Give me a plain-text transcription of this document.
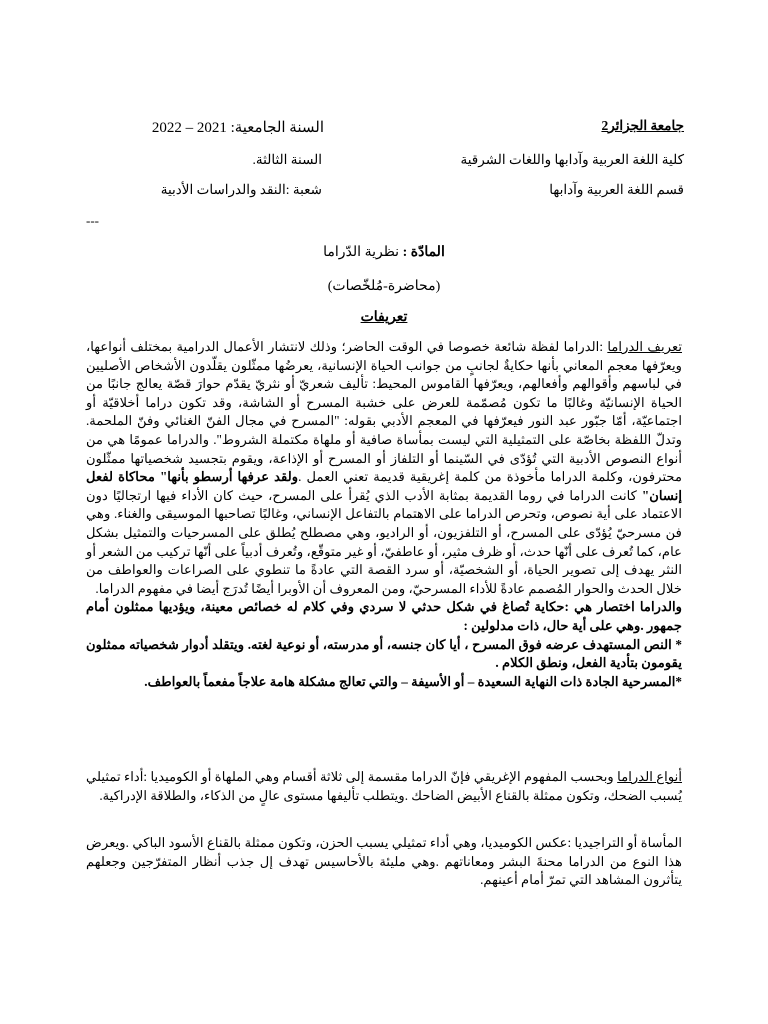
جامعة الجزائر2
السنة الجامعية: 2021 – 2022
كلية اللغة العربية وآدابها واللغات الشرقية
السنة الثالثة.
قسم اللغة العربية وآدابها
شعبة :النقد والدراسات الأدبية
---
المادّة : نظرية الدّراما
(محاضرة-مُلخّصات)
تعريفات
تعريف الدراما :الدراما لفظة شائعة خصوصا في الوقت الحاضر؛ وذلك لانتشار الأعمال الدرامية بمختلف أنواعها، ويعرّفها معجم المعاني بأنها حكايةٌ لجانبٍ من جوانب الحياة الإنسانية، يعرضُها ممثّلون يقلّدون الأشخاص الأصليين في لباسهم وأقوالهم وأفعالهم، ويعرّفها القاموس المحيط: تأليف شعريّ أو نثريّ يقدّم حوارَ قصّة يعالج جانبًا من الحياة الإنسانيّة وغالبًا ما تكون مُصمّمة للعرض على خشبة المسرح أو الشاشة، وقد تكون دراما أخلاقيّة أو اجتماعيّة، أمّا جبّور عبد النور فيعرّفها في المعجم الأدبي بقوله: "المسرح في مجال الفنّ الغنائي وفنّ الملحمة. وتدلّ اللفظة بخاصّة على التمثيلية التي ليست بمأساة صافية أو ملهاة مكتملة الشروط". والدراما عمومًا هي من أنواع النصوص الأدبية التي تُؤدّى في السّينما أو التلفاز أو المسرح أو الإذاعة، ويقوم بتجسيد شخصياتها ممثّلون محترفون، وكلمة الدراما مأخوذة من كلمة إغريقية قديمة تعني العمل .ولقد عرفها أرسطو بأنها" محاكاة لفعل إنسان" كانت الدراما في روما القديمة بمثابة الأدب الذي يُقرأ على المسرح، حيث كان الأداء فيها ارتجاليًا دون الاعتماد على أية نصوص، وتحرص الدراما على الاهتمام بالتفاعل الإنساني، وغالبًا تصاحبها الموسيقى والغناء. وهي فن مسرحيّ يُؤدّى على المسرح، أو التلفزيون، أو الراديو، وهي مصطلح يُطلق على المسرحيات والتمثيل بشكل عام، كما تُعرف على أنّها حدث، أو ظرف مثير، أو عاطفيّ، أو غير متوقّع، وتُعرف أدبياً على أنّها تركيب من الشعر أو النثر يهدف إلى تصوير الحياة، أو الشخصيّة، أو سرد القصة التي عادةً ما تنطوي على الصراعات والعواطف من خلال الحدث والحوار المُصمم عادةً للأداء المسرحيّ، ومن المعروف أن الأوبرا أيضًا تُدرَج أيضا في مفهوم الدراما.
والدراما اختصار هي :حكاية تُصاغ في شكل حدثي لا سردي وفي كلام له خصائص معينة، ويؤديها ممثلون أمام جمهور .وهي على أية حال، ذات مدلولين :
* النص المستهدف عرضه فوق المسرح ، أيا كان جنسه، أو مدرسته، أو نوعية لغته. ويتقلد أدوار شخصياته ممثلون يقومون بتأدية الفعل، ونطق الكلام .
*المسرحية الجادة ذات النهاية السعيدة – أو الأسيفة – والتي تعالج مشكلة هامة علاجاً مفعماً بالعواطف.
أنواع الدراما وبحسب المفهوم الإغريقي فإنّ الدراما مقسمة إلى ثلاثة أقسام وهي الملهاة أو الكوميديا :أداء تمثيلي يُسبب الضحك، وتكون ممثلة بالقناع الأبيض الضاحك .ويتطلب تأليفها مستوى عالٍ من الذكاء، والطلاقة الإدراكية.
المأساة أو التراجيديا :عكس الكوميديا، وهي أداء تمثيلي يسبب الحزن، وتكون ممثلة بالقناع الأسود الباكي .ويعرض هذا النوع من الدراما محنةَ البشر ومعاناتهم .وهي مليئة بالأحاسيس تهدف إل جذب أنظار المتفرّجين وجعلهم يتأثرون المشاهد التي تمرّ أمام أعينهم.
